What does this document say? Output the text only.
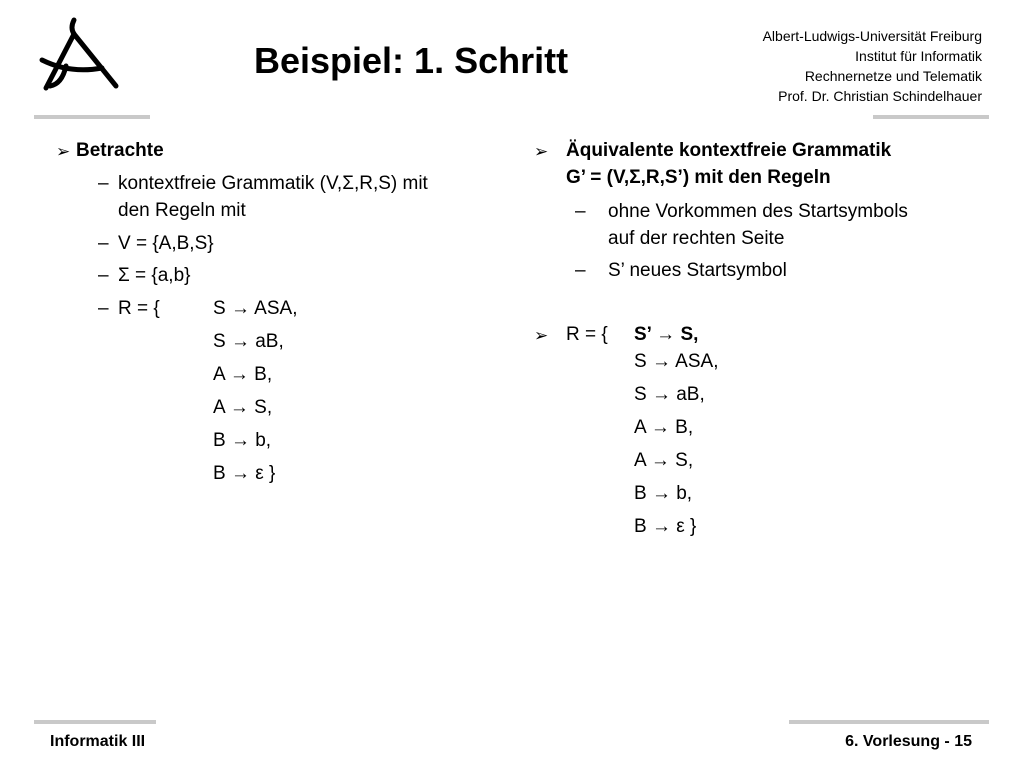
Beispiel: 1. Schritt
Albert-Ludwigs-Universität Freiburg
Institut für Informatik
Rechnernetze und Telematik
Prof. Dr. Christian Schindelhauer
➢ Betrachte
– kontextfreie Grammatik (V,Σ,R,S) mit
den Regeln mit
– V = {A,B,S}
– Σ = {a,b}
– R = {	S → ASA,
S → aB,
A → B,
A → S,
B → b,
B → ε }
➢ Äquivalente kontextfreie Grammatik
G’ = (V,Σ,R,S’) mit den Regeln
– ohne Vorkommen des Startsymbols
auf der rechten Seite
– S’ neues Startsymbol
➢ R = { S’ → S,
S → ASA,
S → aB,
A → B,
A → S,
B → b,
B → ε }
Informatik III	6. Vorlesung - 15
